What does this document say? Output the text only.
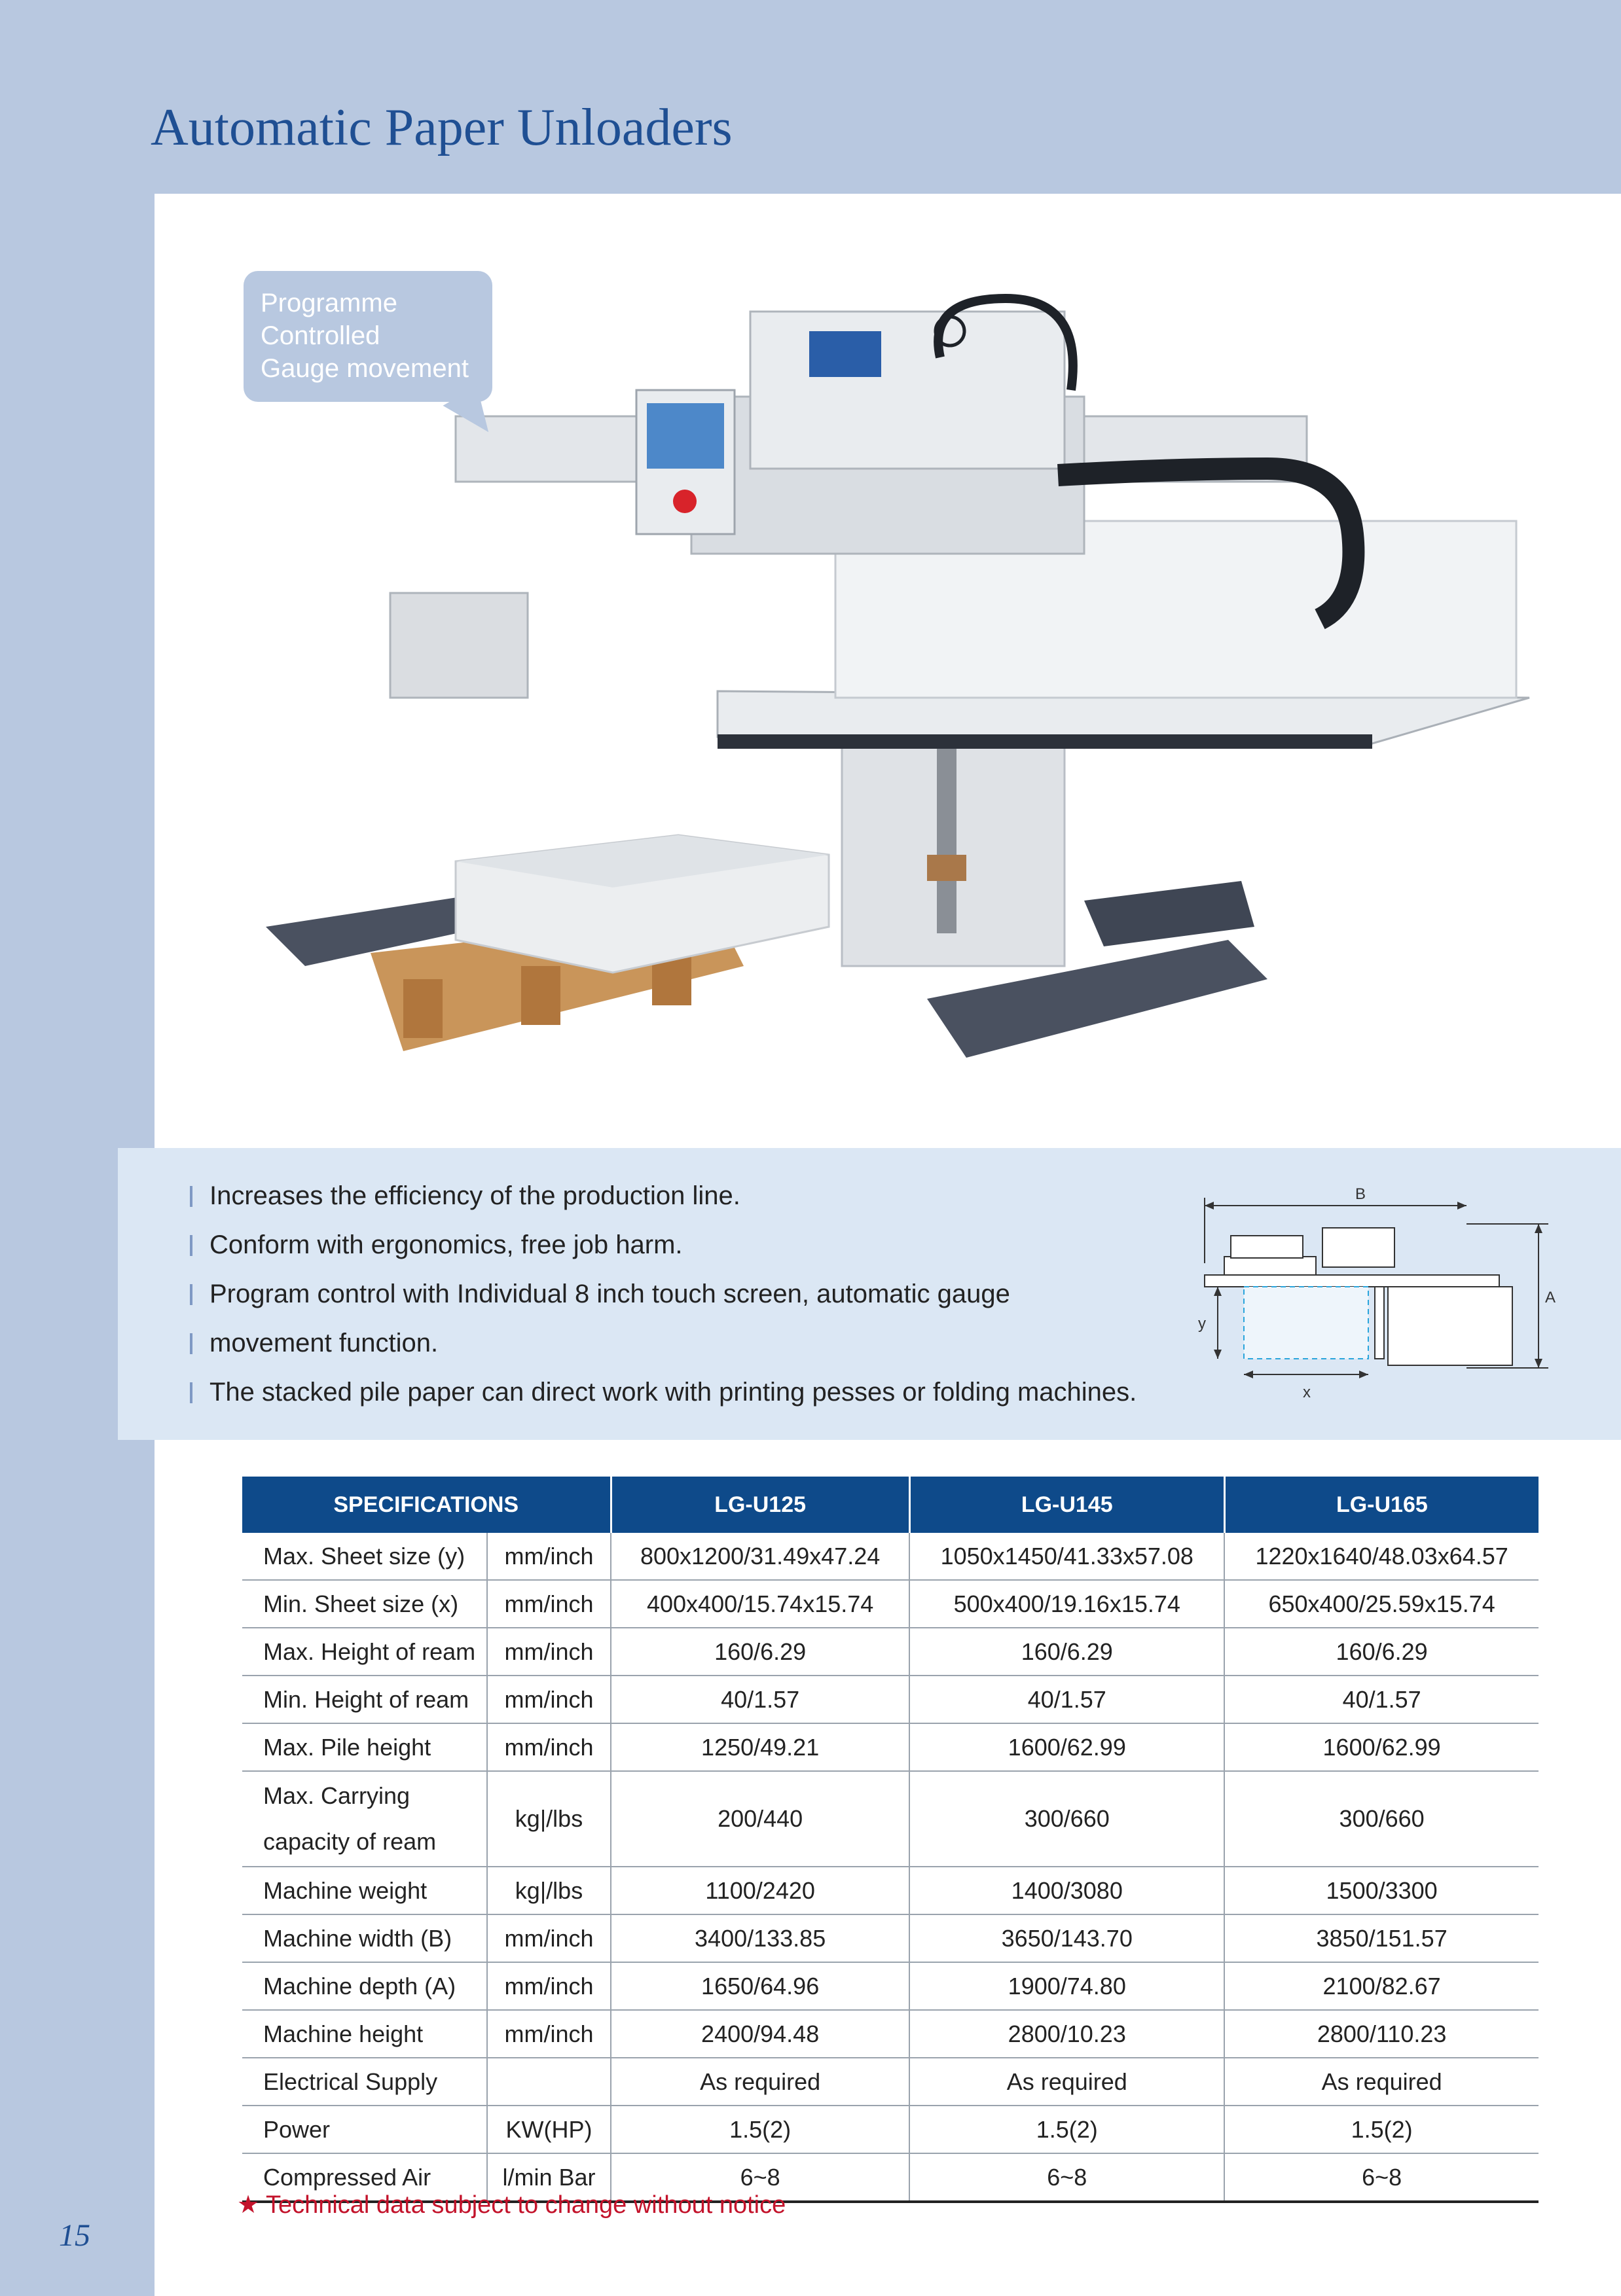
Automatic Paper Unloaders
Programme
Controlled
Gauge movement
Increases the efficiency of the production line.
Conform with ergonomics, free job harm.
Program control with Individual 8 inch touch screen, automatic gauge
movement function.
The stacked pile paper can direct work with printing pesses or folding machines.
B
A
y
x
SPECIFICATIONS		LG-U125	LG-U145	LG-U165
Max. Sheet size (y)	mm/inch	800x1200/31.49x47.24	1050x1450/41.33x57.08	1220x1640/48.03x64.57
Min. Sheet size (x)	mm/inch	400x400/15.74x15.74	500x400/19.16x15.74	650x400/25.59x15.74
Max. Height of ream	mm/inch	160/6.29	160/6.29	160/6.29
Min. Height of ream	mm/inch	40/1.57	40/1.57	40/1.57
Max. Pile height	mm/inch	1250/49.21	1600/62.99	1600/62.99

Max. Carrying
capacity of ream	kg|/lbs	200/440	300/660	300/660
Machine weight	kg|/lbs	1100/2420	1400/3080	1500/3300
Machine width (B)	mm/inch	3400/133.85	3650/143.70	3850/151.57
Machine depth (A)	mm/inch	1650/64.96	1900/74.80	2100/82.67
Machine height	mm/inch	2400/94.48	2800/10.23	2800/110.23
Electrical Supply		As required	As required	As required
Power	KW(HP)	1.5(2)	1.5(2)	1.5(2)
Compressed Air	l/min Bar	6~8	6~8	6~8
★ Technical data subject to change without notice
15
